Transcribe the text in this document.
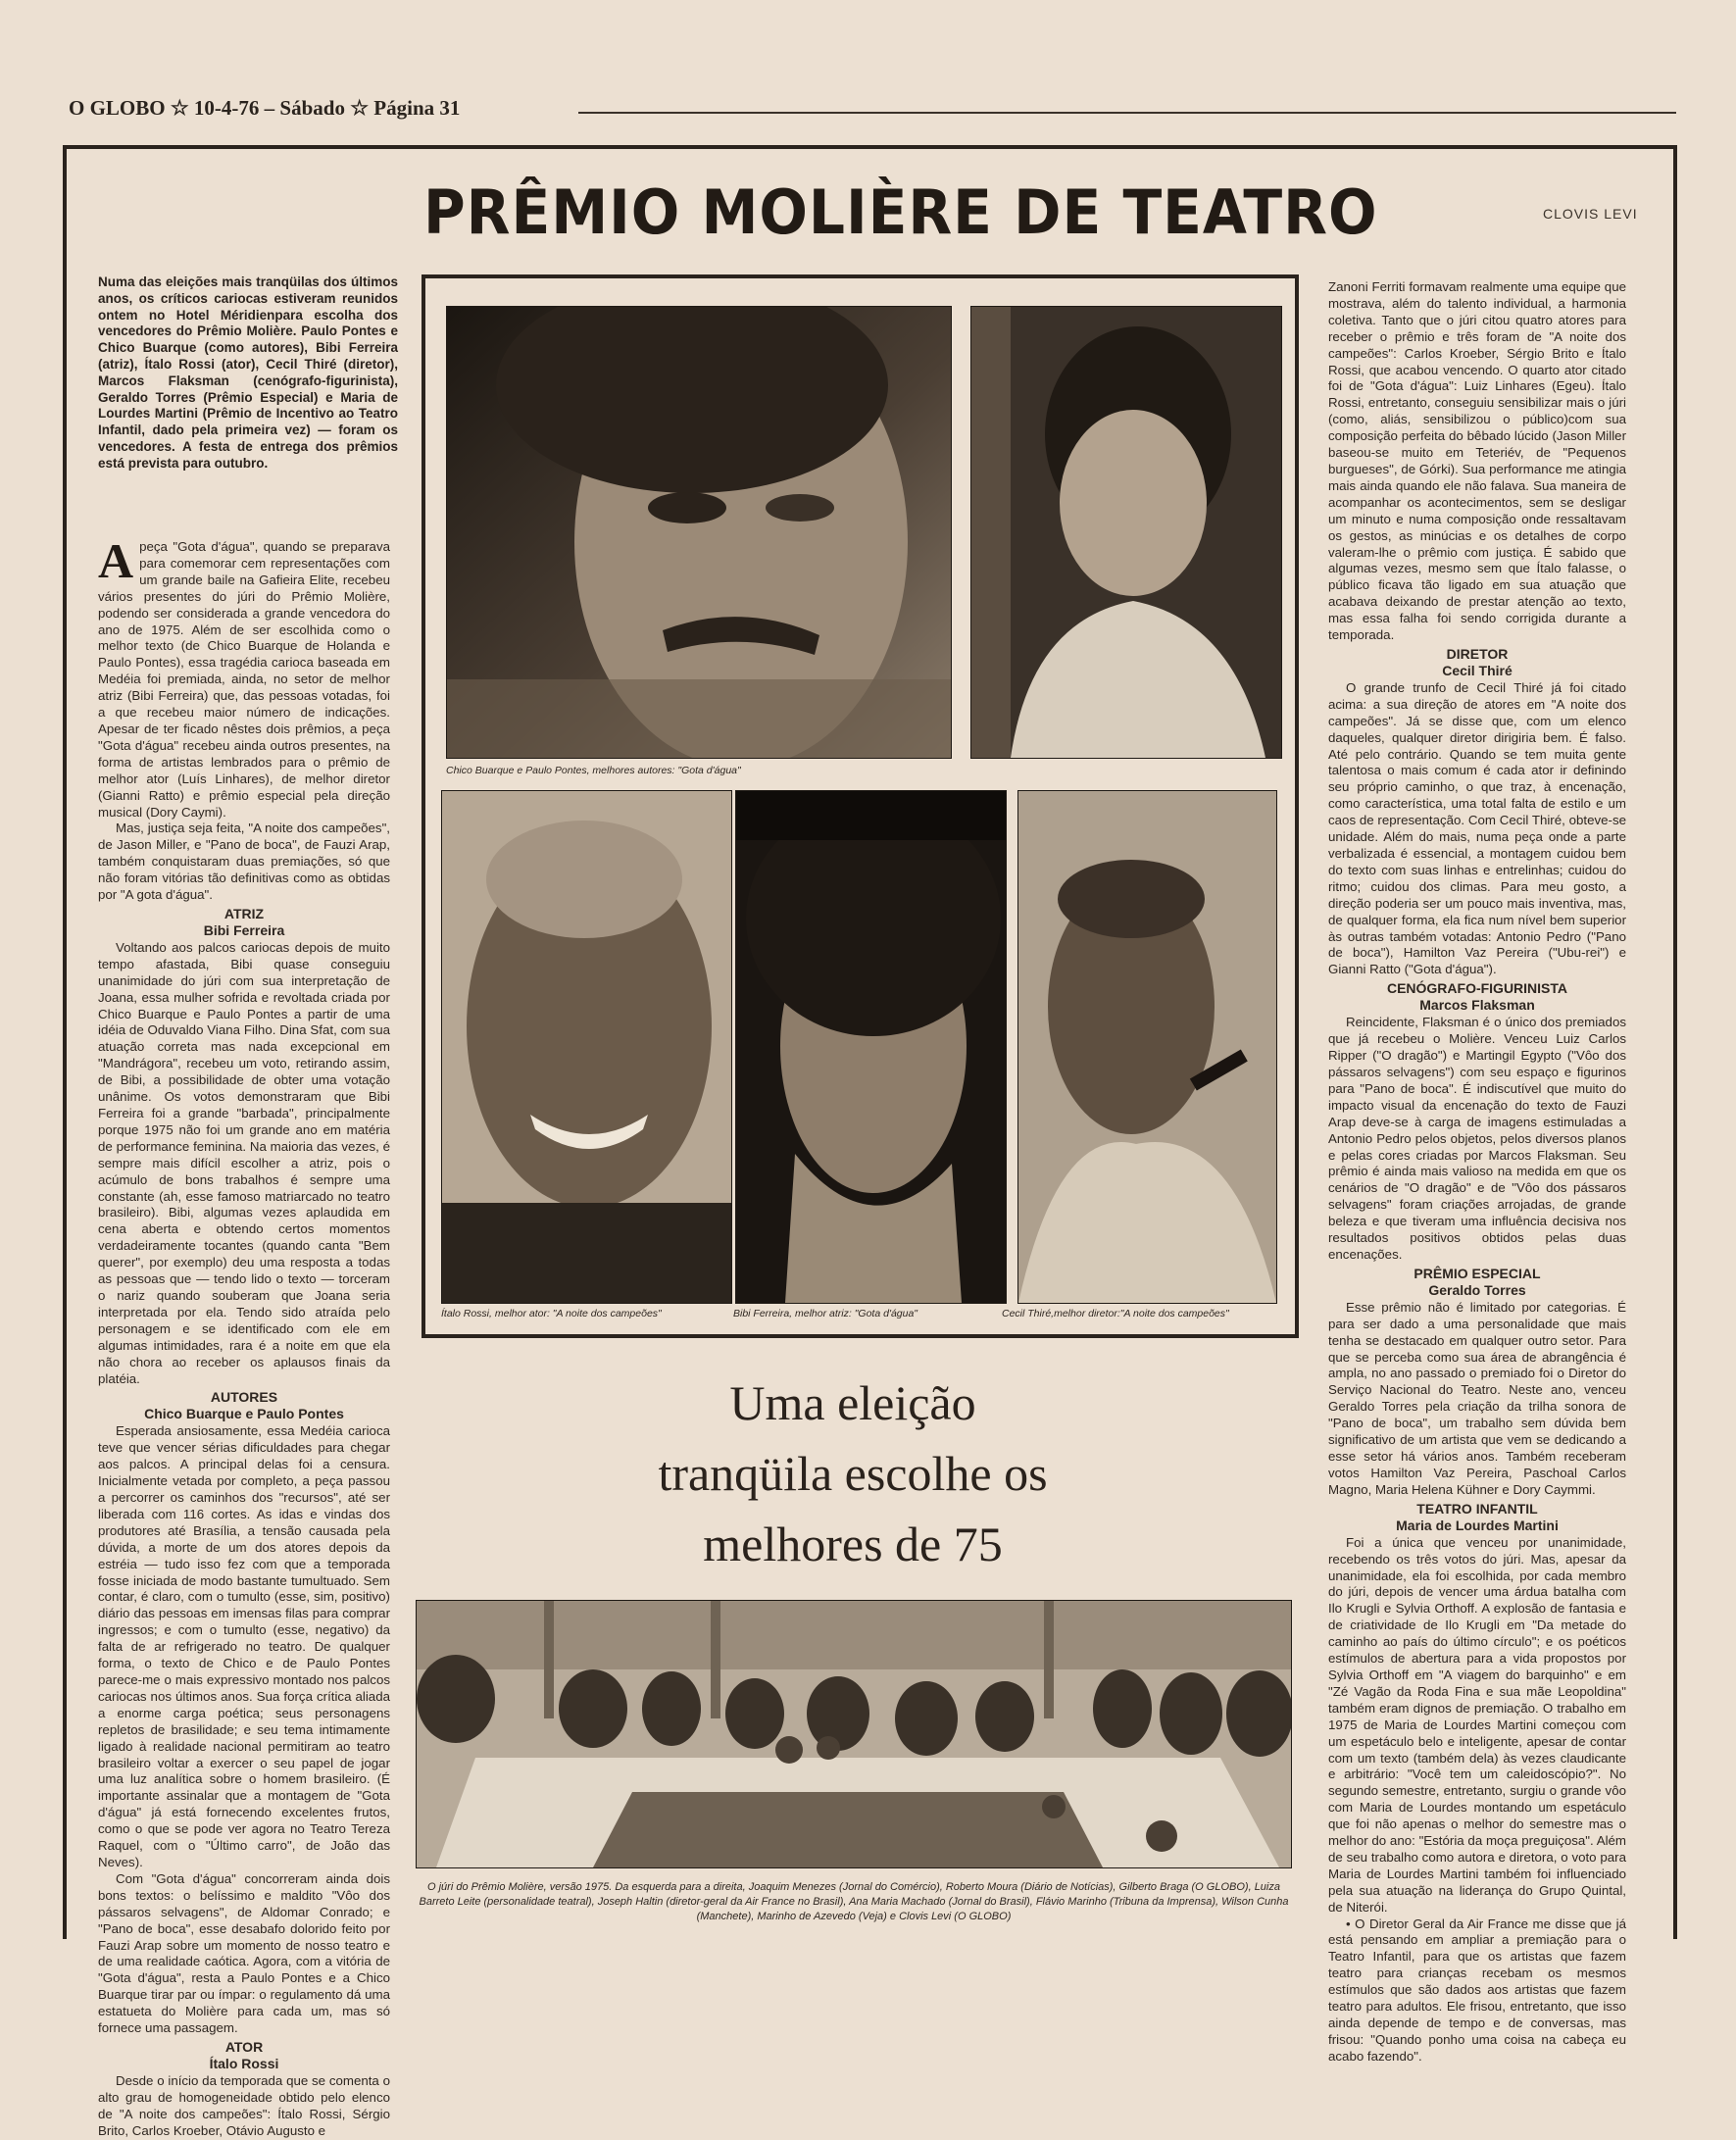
O GLOBO ☆ 10-4-76 – Sábado ☆ Página 31
PRÊMIO MOLIÈRE DE TEATRO	CLOVIS LEVI
Numa das eleições mais tranqüilas dos últimos anos, os críticos cariocas estiveram reunidos ontem no Hotel Méridienpara escolha dos vencedores do Prêmio Molière. Paulo Pontes e Chico Buarque (como autores), Bibi Ferreira (atriz), Ítalo Rossi (ator), Cecil Thiré (diretor), Marcos Flaksman (cenógrafo-figurinista), Geraldo Torres (Prêmio Especial) e Maria de Lourdes Martini (Prêmio de Incentivo ao Teatro Infantil, dado pela primeira vez) — foram os vencedores. A festa de entrega dos prêmios está prevista para outubro.

Apeça "Gota d'água", quando se preparava para comemorar cem representações com um grande baile na Gafieira Elite, recebeu vários presentes do júri do Prêmio Molière, podendo ser considerada a grande vencedora do ano de 1975. Além de ser escolhida como o melhor texto (de Chico Buarque de Holanda e Paulo Pontes), essa tragédia carioca baseada em Medéia foi premiada, ainda, no setor de melhor atriz (Bibi Ferreira) que, das pessoas votadas, foi a que recebeu maior número de indicações. Apesar de ter ficado nêstes dois prêmios, a peça "Gota d'água" recebeu ainda outros presentes, na forma de artistas lembrados para o prêmio de melhor ator (Luís Linhares), de melhor diretor (Gianni Ratto) e prêmio especial pela direção musical (Dory Caymi).

Mas, justiça seja feita, "A noite dos campeões", de Jason Miller, e "Pano de boca", de Fauzi Arap, também conquistaram duas premiações, só que não foram vitórias tão definitivas como as obtidas por "A gota d'água".

ATRIZ
Bibi Ferreira

Voltando aos palcos cariocas depois de muito tempo afastada, Bibi quase conseguiu unanimidade do júri com sua interpretação de Joana, essa mulher sofrida e revoltada criada por Chico Buarque e Paulo Pontes a partir de uma idéia de Oduvaldo Viana Filho. Dina Sfat, com sua atuação correta mas nada excepcional em "Mandrágora", recebeu um voto, retirando assim, de Bibi, a possibilidade de obter uma votação unânime. Os votos demonstraram que Bibi Ferreira foi a grande "barbada", principalmente porque 1975 não foi um grande ano em matéria de performance feminina. Na maioria das vezes, é sempre mais difícil escolher a atriz, pois o acúmulo de bons trabalhos é sempre uma constante (ah, esse famoso matriarcado no teatro brasileiro). Bibi, algumas vezes aplaudida em cena aberta e obtendo certos momentos verdadeiramente tocantes (quando canta "Bem querer", por exemplo) deu uma resposta a todas as pessoas que — tendo lido o texto — torceram o nariz quando souberam que Joana seria interpretada por ela. Tendo sido atraída pelo personagem e se identificado com ele em algumas intimidades, rara é a noite em que ela não chora ao receber os aplausos finais da platéia.

AUTORES
Chico Buarque e Paulo Pontes

Esperada ansiosamente, essa Medéia carioca teve que vencer sérias dificuldades para chegar aos palcos. A principal delas foi a censura. Inicialmente vetada por completo, a peça passou a percorrer os caminhos dos "recursos", até ser liberada com 116 cortes. As idas e vindas dos produtores até Brasília, a tensão causada pela dúvida, a morte de um dos atores depois da estréia — tudo isso fez com que a temporada fosse iniciada de modo bastante tumultuado. Sem contar, é claro, com o tumulto (esse, sim, positivo) diário das pessoas em imensas filas para comprar ingressos; e com o tumulto (esse, negativo) da falta de ar refrigerado no teatro. De qualquer forma, o texto de Chico e de Paulo Pontes parece-me o mais expressivo montado nos palcos cariocas nos últimos anos. Sua força crítica aliada a enorme carga poética; seus personagens repletos de brasilidade; e seu tema intimamente ligado à realidade nacional permitiram ao teatro brasileiro voltar a exercer o seu papel de jogar uma luz analítica sobre o homem brasileiro. (É importante assinalar que a montagem de "Gota d'água" já está fornecendo excelentes frutos, como o que se pode ver agora no Teatro Tereza Raquel, com o "Último carro", de João das Neves).

Com "Gota d'água" concorreram ainda dois bons textos: o belíssimo e maldito "Vôo dos pássaros selvagens", de Aldomar Conrado; e "Pano de boca", esse desabafo dolorido feito por Fauzi Arap sobre um momento de nosso teatro e de uma realidade caótica. Agora, com a vitória de "Gota d'água", resta a Paulo Pontes e a Chico Buarque tirar par ou ímpar: o regulamento dá uma estatueta do Molière para cada um, mas só fornece uma passagem.

ATOR
Ítalo Rossi

Desde o início da temporada que se comenta o alto grau de homogeneidade obtido pelo elenco de "A noite dos campeões": Ítalo Rossi, Sérgio Brito, Carlos Kroeber, Otávio Augusto e

Chico Buarque e Paulo Pontes, melhores autores: "Gota d'água"
Ítalo Rossi, melhor ator: "A noite dos campeões"	Bibi Ferreira, melhor atriz: "Gota d'água"	Cecil Thiré,melhor diretor:"A noite dos campeões"
Uma eleição
tranqüila escolhe os
melhores de 75
O júri do Prêmio Molière, versão 1975. Da esquerda para a direita, Joaquim Menezes (Jornal do Comércio), Roberto Moura (Diário de Notícias), Gilberto Braga (O GLOBO), Luiza Barreto Leite (personalidade teatral), Joseph Haltin (diretor-geral da Air France no Brasil), Ana Maria Machado (Jornal do Brasil), Flávio Marinho (Tribuna da Imprensa), Wilson Cunha (Manchete), Marinho de Azevedo (Veja) e Clovis Levi (O GLOBO)

Zanoni Ferriti formavam realmente uma equipe que mostrava, além do talento individual, a harmonia coletiva. Tanto que o júri citou quatro atores para receber o prêmio e três foram de "A noite dos campeões": Carlos Kroeber, Sérgio Brito e Ítalo Rossi, que acabou vencendo. O quarto ator citado foi de "Gota d'água": Luiz Linhares (Egeu). Ítalo Rossi, entretanto, conseguiu sensibilizar mais o júri (como, aliás, sensibilizou o público)com sua composição perfeita do bêbado lúcido (Jason Miller baseou-se muito em Teteriév, de "Pequenos burgueses", de Górki). Sua performance me atingia mais ainda quando ele não falava. Sua maneira de acompanhar os acontecimentos, sem se desligar um minuto e numa composição onde ressaltavam os gestos, as minúcias e os detalhes de corpo valeram-lhe o prêmio com justiça. É sabido que algumas vezes, mesmo sem que Ítalo falasse, o público ficava tão ligado em sua atuação que acabava deixando de prestar atenção ao texto, mas essa falha foi sendo corrigida durante a temporada.

DIRETOR
Cecil Thiré

O grande trunfo de Cecil Thiré já foi citado acima: a sua direção de atores em "A noite dos campeões". Já se disse que, com um elenco daqueles, qualquer diretor dirigiria bem. É falso. Até pelo contrário. Quando se tem muita gente talentosa o mais comum é cada ator ir definindo seu próprio caminho, o que traz, à encenação, como característica, uma total falta de estilo e um caos de representação. Com Cecil Thiré, obteve-se unidade. Além do mais, numa peça onde a parte verbalizada é essencial, a montagem cuidou bem do texto com suas linhas e entrelinhas; cuidou do ritmo; cuidou dos climas. Para meu gosto, a direção poderia ser um pouco mais inventiva, mas, de qualquer forma, ela fica num nível bem superior às outras também votadas: Antonio Pedro ("Pano de boca"), Hamilton Vaz Pereira ("Ubu-rei") e Gianni Ratto ("Gota d'água").

CENÓGRAFO-FIGURINISTA
Marcos Flaksman

Reincidente, Flaksman é o único dos premiados que já recebeu o Molière. Venceu Luiz Carlos Ripper ("O dragão") e Martingil Egypto ("Vôo dos pássaros selvagens") com seu espaço e figurinos para "Pano de boca". É indiscutível que muito do impacto visual da encenação do texto de Fauzi Arap deve-se à carga de imagens estimuladas a Antonio Pedro pelos objetos, pelos diversos planos e pelas cores criadas por Marcos Flaksman. Seu prêmio é ainda mais valioso na medida em que os cenários de "O dragão" e de "Vôo dos pássaros selvagens" foram criações arrojadas, de grande beleza e que tiveram uma influência decisiva nos resultados positivos obtidos pelas duas encenações.

PRÊMIO ESPECIAL
Geraldo Torres

Esse prêmio não é limitado por categorias. É para ser dado a uma personalidade que mais tenha se destacado em qualquer outro setor. Para que se perceba como sua área de abrangência é ampla, no ano passado o premiado foi o Diretor do Serviço Nacional do Teatro. Neste ano, venceu Geraldo Torres pela criação da trilha sonora de "Pano de boca", um trabalho sem dúvida bem significativo de um artista que vem se dedicando a esse setor há vários anos. Também receberam votos Hamilton Vaz Pereira, Paschoal Carlos Magno, Maria Helena Kühner e Dory Caymmi.

TEATRO INFANTIL
Maria de Lourdes Martini

Foi a única que venceu por unanimidade, recebendo os três votos do júri. Mas, apesar da unanimidade, ela foi escolhida, por cada membro do júri, depois de vencer uma árdua batalha com Ilo Krugli e Sylvia Orthoff. A explosão de fantasia e de criatividade de Ilo Krugli em "Da metade do caminho ao país do último círculo"; e os poéticos estímulos de abertura para a vida propostos por Sylvia Orthoff em "A viagem do barquinho" e em "Zé Vagão da Roda Fina e sua mãe Leopoldina" também eram dignos de premiação. O trabalho em 1975 de Maria de Lourdes Martini começou com um espetáculo belo e inteligente, apesar de contar com um texto (também dela) às vezes claudicante e arbitrário: "Você tem um caleidoscópio?". No segundo semestre, entretanto, surgiu o grande vôo com Maria de Lourdes montando um espetáculo que foi não apenas o melhor do semestre mas o melhor do ano: "Estória da moça preguiçosa". Além de seu trabalho como autora e diretora, o voto para Maria de Lourdes Martini também foi influenciado pela sua atuação na liderança do Grupo Quintal, de Niterói.

• O Diretor Geral da Air France me disse que já está pensando em ampliar a premiação para o Teatro Infantil, para que os artistas que fazem teatro para crianças recebam os mesmos estímulos que são dados aos artistas que fazem teatro para adultos. Ele frisou, entretanto, que isso ainda depende de tempo e de conversas, mas frisou: "Quando ponho uma coisa na cabeça eu acabo fazendo".
